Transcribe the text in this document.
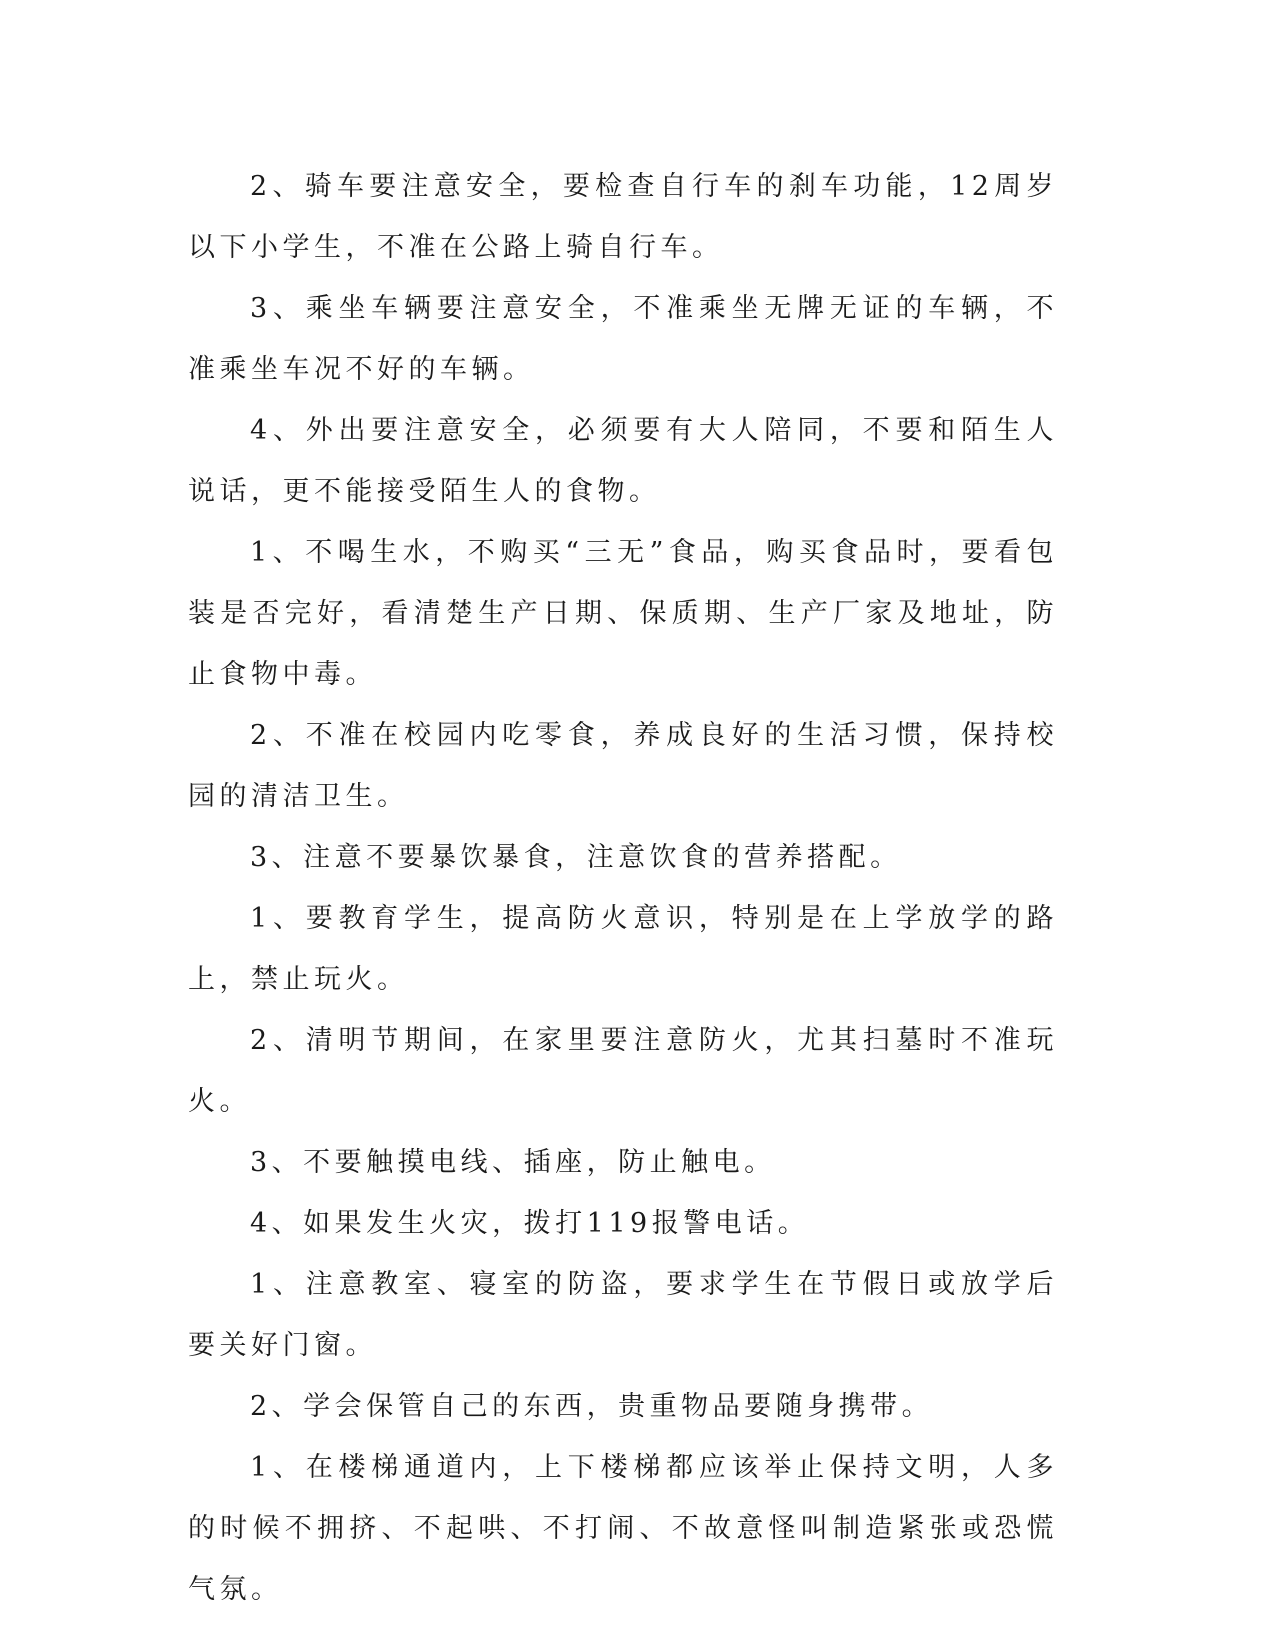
2、骑车要注意安全，要检查自行车的刹车功能，12周岁以下小学生，不准在公路上骑自行车。

3、乘坐车辆要注意安全，不准乘坐无牌无证的车辆，不准乘坐车况不好的车辆。

4、外出要注意安全，必须要有大人陪同，不要和陌生人说话，更不能接受陌生人的食物。

1、不喝生水，不购买“三无”食品，购买食品时，要看包装是否完好，看清楚生产日期、保质期、生产厂家及地址，防止食物中毒。

2、不准在校园内吃零食，养成良好的生活习惯，保持校园的清洁卫生。

3、注意不要暴饮暴食，注意饮食的营养搭配。

1、要教育学生，提高防火意识，特别是在上学放学的路上，禁止玩火。

2、清明节期间，在家里要注意防火，尤其扫墓时不准玩火。

3、不要触摸电线、插座，防止触电。

4、如果发生火灾，拨打119报警电话。

1、注意教室、寝室的防盗，要求学生在节假日或放学后要关好门窗。

2、学会保管自己的东西，贵重物品要随身携带。

1、在楼梯通道内，上下楼梯都应该举止保持文明，人多的时候不拥挤、不起哄、不打闹、不故意怪叫制造紧张或恐慌气氛。
